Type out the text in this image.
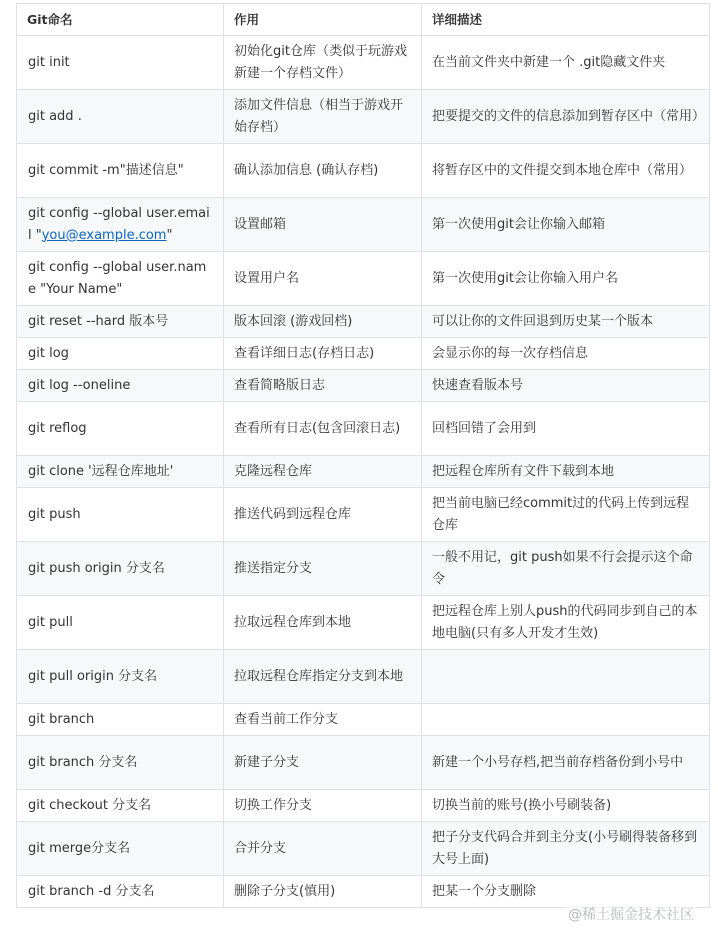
Git命名	作用	详细描述
git init	初始化git仓库（类似于玩游戏新建一个存档文件）	在当前文件夹中新建一个 .git隐藏文件夹
git add .	添加文件信息（相当于游戏开始存档）	把要提交的文件的信息添加到暂存区中（常用）
git commit -m"描述信息"	确认添加信息 (确认存档)	将暂存区中的文件提交到本地仓库中（常用）
git config --global user.email "you@example.com"	设置邮箱	第一次使用git会让你输入邮箱
git config --global user.name "Your Name"	设置用户名	第一次使用git会让你输入用户名
git reset --hard 版本号	版本回滚 (游戏回档)	可以让你的文件回退到历史某一个版本
git log	查看详细日志(存档日志)	会显示你的每一次存档信息
git log --oneline	查看简略版日志	快速查看版本号
git reflog	查看所有日志(包含回滚日志)	回档回错了会用到
git clone '远程仓库地址'	克隆远程仓库	把远程仓库所有文件下载到本地
git push	推送代码到远程仓库	把当前电脑已经commit过的代码上传到远程仓库
git push origin 分支名	推送指定分支	一般不用记，git push如果不行会提示这个命令
git pull	拉取远程仓库到本地	把远程仓库上别人push的代码同步到自己的本地电脑(只有多人开发才生效)
git pull origin 分支名	拉取远程仓库指定分支到本地	
git branch	查看当前工作分支	
git branch 分支名	新建子分支	新建一个小号存档,把当前存档备份到小号中
git checkout 分支名	切换工作分支	切换当前的账号(换小号刷装备)
git merge分支名	合并分支	把子分支代码合并到主分支(小号刷得装备移到大号上面)
git branch -d 分支名	删除子分支(慎用)	把某一个分支删除
@稀土掘金技术社区
